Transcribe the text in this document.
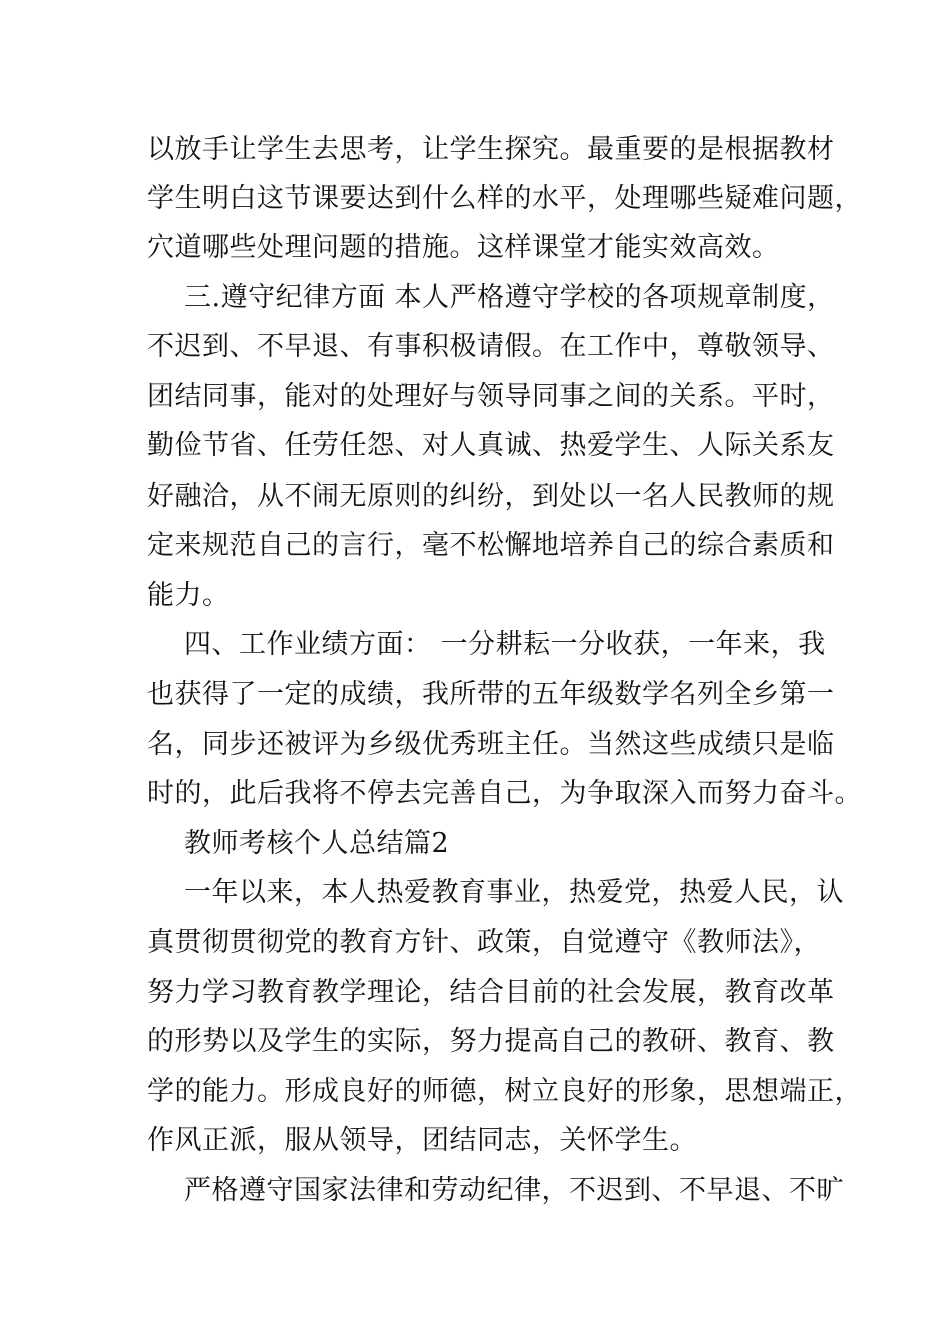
以放手让学生去思考，让学生探究。最重要的是根据教材
学生明白这节课要达到什么样的水平，处理哪些疑难问题，
穴道哪些处理问题的措施。这样课堂才能实效高效。
三.遵守纪律方面 本人严格遵守学校的各项规章制度，
不迟到、不早退、有事积极请假。在工作中，尊敬领导、
团结同事，能对的处理好与领导同事之间的关系。平时，
勤俭节省、任劳任怨、对人真诚、热爱学生、人际关系友
好融洽，从不闹无原则的纠纷，到处以一名人民教师的规
定来规范自己的言行，毫不松懈地培养自己的综合素质和
能力。
四、工作业绩方面： 一分耕耘一分收获，一年来，我
也获得了一定的成绩，我所带的五年级数学名列全乡第一
名，同步还被评为乡级优秀班主任。当然这些成绩只是临
时的，此后我将不停去完善自己，为争取深入而努力奋斗。
教师考核个人总结篇2
一年以来，本人热爱教育事业，热爱党，热爱人民，认
真贯彻贯彻党的教育方针、政策，自觉遵守《教师法》，
努力学习教育教学理论，结合目前的社会发展，教育改革
的形势以及学生的实际，努力提高自己的教研、教育、教
学的能力。形成良好的师德，树立良好的形象，思想端正，
作风正派，服从领导，团结同志，关怀学生。
严格遵守国家法律和劳动纪律，不迟到、不早退、不旷
